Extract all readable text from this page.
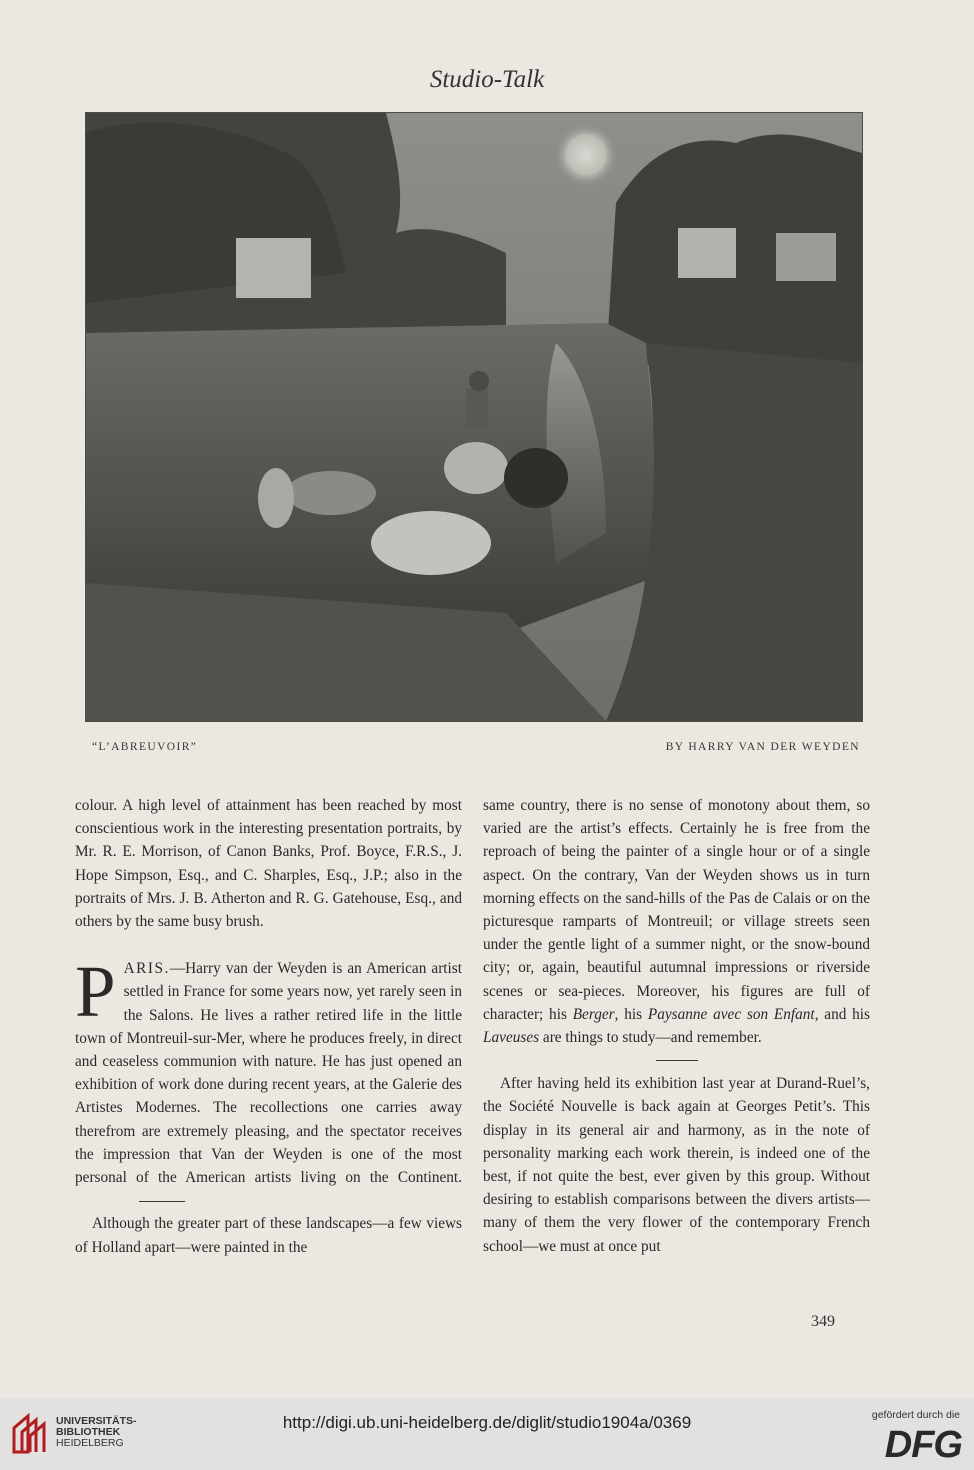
Studio-Talk
“L’ABREUVOIR”	BY HARRY VAN DER WEYDEN

colour. A high level of attainment has been reached by most conscientious work in the interesting presentation portraits, by Mr. R. E. Morrison, of Canon Banks, Prof. Boyce, F.R.S., J. Hope Simpson, Esq., and C. Sharples, Esq., J.P.; also in the portraits of Mrs. J. B. Atherton and R. G. Gatehouse, Esq., and others by the same busy brush.

PARIS.—Harry van der Weyden is an American artist settled in France for some years now, yet rarely seen in the Salons. He lives a rather retired life in the little town of Montreuil-sur-Mer, where he produces freely, in direct and ceaseless communion with nature. He has just opened an exhibition of work done during recent years, at the Galerie des Artistes Modernes. The recollections one carries away therefrom are extremely pleasing, and the spectator receives the impression that Van der Weyden is one of the most personal of the American artists living on the Continent.

Although the greater part of these landscapes—a few views of Holland apart—were painted in the

same country, there is no sense of monotony about them, so varied are the artist’s effects. Certainly he is free from the reproach of being the painter of a single hour or of a single aspect. On the contrary, Van der Weyden shows us in turn morning effects on the sand-hills of the Pas de Calais or on the picturesque ramparts of Montreuil; or village streets seen under the gentle light of a summer night, or the snow-bound city; or, again, beautiful autumnal impressions or riverside scenes or sea-pieces. Moreover, his figures are full of character; his Berger, his Paysanne avec son Enfant, and his Laveuses are things to study—and remember.

After having held its exhibition last year at Durand-Ruel’s, the Société Nouvelle is back again at Georges Petit’s. This display in its general air and harmony, as in the note of personality marking each work therein, is indeed one of the best, if not quite the best, ever given by this group. Without desiring to establish comparisons between the divers artists—many of them the very flower of the contemporary French school—we must at once put

349
UNIVERSITÄTS-
BIBLIOTHEK
HEIDELBERG
http://digi.ub.uni-heidelberg.de/diglit/studio1904a/0369	gefördert durch die
DFG
